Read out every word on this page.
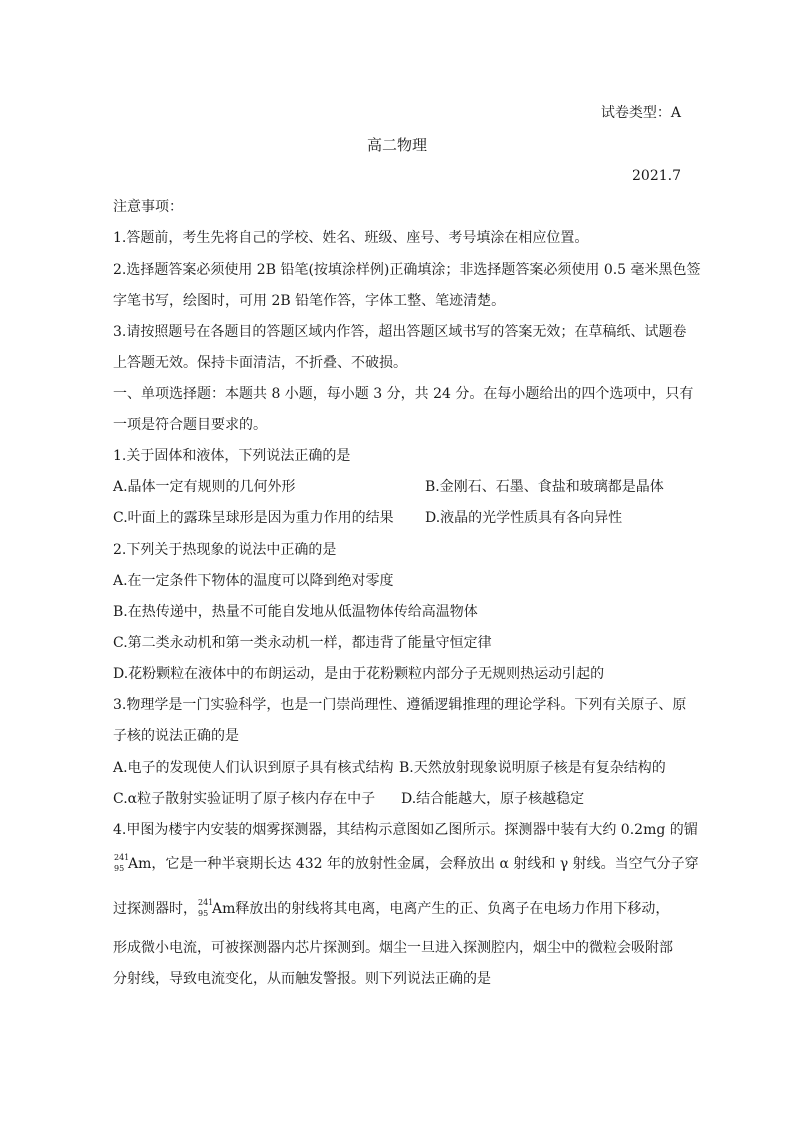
试卷类型：A
高二物理
2021.7
注意事项：
1.答题前，考生先将自己的学校、姓名、班级、座号、考号填涂在相应位置。
2.选择题答案必须使用 2B 铅笔(按填涂样例)正确填涂；非选择题答案必须使用 0.5 毫米黑色签
字笔书写，绘图时，可用 2B 铅笔作答，字体工整、笔迹清楚。
3.请按照题号在各题目的答题区域内作答，超出答题区域书写的答案无效；在草稿纸、试题卷
上答题无效。保持卡面清洁，不折叠、不破损。
一、单项选择题：本题共 8 小题，每小题 3 分，共 24 分。在每小题给出的四个选项中，只有
一项是符合题目要求的。
1.关于固体和液体，下列说法正确的是
A.晶体一定有规则的几何外形	B.金刚石、石墨、食盐和玻璃都是晶体
C.叶面上的露珠呈球形是因为重力作用的结果 D.液晶的光学性质具有各向异性
2.下列关于热现象的说法中正确的是
A.在一定条件下物体的温度可以降到绝对零度
B.在热传递中，热量不可能自发地从低温物体传给高温物体
C.第二类永动机和第一类永动机一样，都违背了能量守恒定律
D.花粉颗粒在液体中的布朗运动，是由于花粉颗粒内部分子无规则热运动引起的
3.物理学是一门实验科学，也是一门崇尚理性、遵循逻辑推理的理论学科。下列有关原子、原
子核的说法正确的是
A.电子的发现使人们认识到原子具有核式结构 B.天然放射现象说明原子核是有复杂结构的
C.α粒子散射实验证明了原子核内存在中子 D.结合能越大，原子核越稳定
4.甲图为楼宇内安装的烟雾探测器，其结构示意图如乙图所示。探测器中装有大约 0.2mg 的镅
241
95 Am，它是一种半衰期长达 432 年的放射性金属，会释放出 α 射线和 γ 射线。当空气分子穿
过探测器时， 241
95 Am释放出的射线将其电离，电离产生的正、负离子在电场力作用下移动，
形成微小电流，可被探测器内芯片探测到。烟尘一旦进入探测腔内，烟尘中的微粒会吸附部
分射线，导致电流变化，从而触发警报。则下列说法正确的是
